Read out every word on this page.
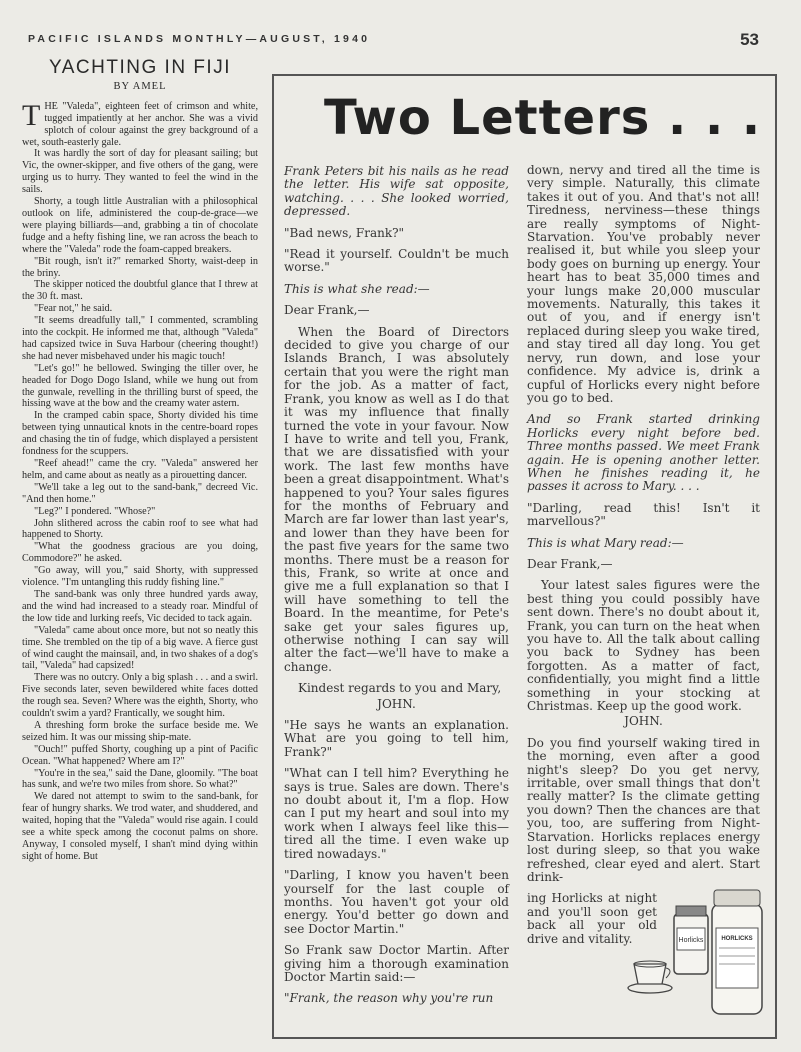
PACIFIC ISLANDS MONTHLY—AUGUST, 1940	53
YACHTING IN FIJI
BY AMEL

THE "Valeda", eighteen feet of crimson and white, tugged impatiently at her anchor. She was a vivid splotch of colour against the grey background of a wet, south-easterly gale.

It was hardly the sort of day for pleasant sailing; but Vic, the owner-skipper, and five others of the gang, were urging us to hurry. They wanted to feel the wind in the sails.

Shorty, a tough little Australian with a philosophical outlook on life, administered the coup-de-grace—we were playing billiards—and, grabbing a tin of chocolate fudge and a hefty fishing line, we ran across the beach to where the "Valeda" rode the foam-capped breakers.

"Bit rough, isn't it?" remarked Shorty, waist-deep in the briny.

The skipper noticed the doubtful glance that I threw at the 30 ft. mast.

"Fear not," he said.

"It seems dreadfully tall," I commented, scrambling into the cockpit. He informed me that, although "Valeda" had capsized twice in Suva Harbour (cheering thought!) she had never misbehaved under his magic touch!

"Let's go!" he bellowed. Swinging the tiller over, he headed for Dogo Dogo Island, while we hung out from the gunwale, revelling in the thrilling burst of speed, the hissing wave at the bow and the creamy water astern.

In the cramped cabin space, Shorty divided his time between tying unnautical knots in the centre-board ropes and chasing the tin of fudge, which displayed a persistent fondness for the scuppers.

"Reef ahead!" came the cry. "Valeda" answered her helm, and came about as neatly as a pirouetting dancer.

"We'll take a leg out to the sand-bank," decreed Vic. "And then home."

"Leg?" I pondered. "Whose?"

John slithered across the cabin roof to see what had happened to Shorty.

"What the goodness gracious are you doing, Commodore?" he asked.

"Go away, will you," said Shorty, with suppressed violence. "I'm untangling this ruddy fishing line."

The sand-bank was only three hundred yards away, and the wind had increased to a steady roar. Mindful of the low tide and lurking reefs, Vic decided to tack again.

"Valeda" came about once more, but not so neatly this time. She trembled on the tip of a big wave. A fierce gust of wind caught the mainsail, and, in two shakes of a dog's tail, "Valeda" had capsized!

There was no outcry. Only a big splash . . . and a swirl. Five seconds later, seven bewildered white faces dotted the rough sea. Seven? Where was the eighth, Shorty, who couldn't swim a yard? Frantically, we sought him.

A threshing form broke the surface beside me. We seized him. It was our missing ship-mate.

"Ouch!" puffed Shorty, coughing up a pint of Pacific Ocean. "What happened? Where am I?"

"You're in the sea," said the Dane, gloomily. "The boat has sunk, and we're two miles from shore. So what?"

We dared not attempt to swim to the sand-bank, for fear of hungry sharks. We trod water, and shuddered, and waited, hoping that the "Valeda" would rise again. I could see a white speck among the coconut palms on shore. Anyway, I consoled myself, I shan't mind dying within sight of home. But

Two Letters . . .

Frank Peters bit his nails as he read the letter. His wife sat opposite, watching. . . . She looked worried, depressed.

"Bad news, Frank?"

"Read it yourself. Couldn't be much worse."

This is what she read:—

Dear Frank,—

When the Board of Directors decided to give you charge of our Islands Branch, I was absolutely certain that you were the right man for the job. As a matter of fact, Frank, you know as well as I do that it was my influence that finally turned the vote in your favour. Now I have to write and tell you, Frank, that we are dissatisfied with your work. The last few months have been a great disappointment. What's happened to you? Your sales figures for the months of February and March are far lower than last year's, and lower than they have been for the past five years for the same two months. There must be a reason for this, Frank, so write at once and give me a full explanation so that I will have something to tell the Board. In the meantime, for Pete's sake get your sales figures up, otherwise nothing I can say will alter the fact—we'll have to make a change.

Kindest regards to you and Mary,

JOHN.

"He says he wants an explanation. What are you going to tell him, Frank?"

"What can I tell him? Everything he says is true. Sales are down. There's no doubt about it, I'm a flop. How can I put my heart and soul into my work when I always feel like this—tired all the time. I even wake up tired nowadays."

"Darling, I know you haven't been yourself for the last couple of months. You haven't got your old energy. You'd better go down and see Doctor Martin."

So Frank saw Doctor Martin. After giving him a thorough examination Doctor Martin said:—

"Frank, the reason why you're run

down, nervy and tired all the time is very simple. Naturally, this climate takes it out of you. And that's not all! Tiredness, nerviness—these things are really symptoms of Night-Starvation. You've probably never realised it, but while you sleep your body goes on burning up energy. Your heart has to beat 35,000 times and your lungs make 20,000 muscular movements. Naturally, this takes it out of you, and if energy isn't replaced during sleep you wake tired, and stay tired all day long. You get nervy, run down, and lose your confidence. My advice is, drink a cupful of Horlicks every night before you go to bed.

And so Frank started drinking Horlicks every night before bed. Three months passed. We meet Frank again. He is opening another letter. When he finishes reading it, he passes it across to Mary. . . .

"Darling, read this! Isn't it marvellous?"

This is what Mary read:—

Dear Frank,—

Your latest sales figures were the best thing you could possibly have sent down. There's no doubt about it, Frank, you can turn on the heat when you have to. All the talk about calling you back to Sydney has been forgotten. As a matter of fact, confidentially, you might find a little something in your stocking at Christmas. Keep up the good work.

JOHN.

Do you find yourself waking tired in the morning, even after a good night's sleep? Do you get nervy, irritable, over small things that don't really matter? Is the climate getting you down? Then the chances are that you, too, are suffering from Night-Starvation. Horlicks replaces energy lost during sleep, so that you wake refreshed, clear eyed and alert. Start drink-

ing Horlicks at night and you'll soon get back all your old drive and vitality.	Horlicks	HORLICKS
